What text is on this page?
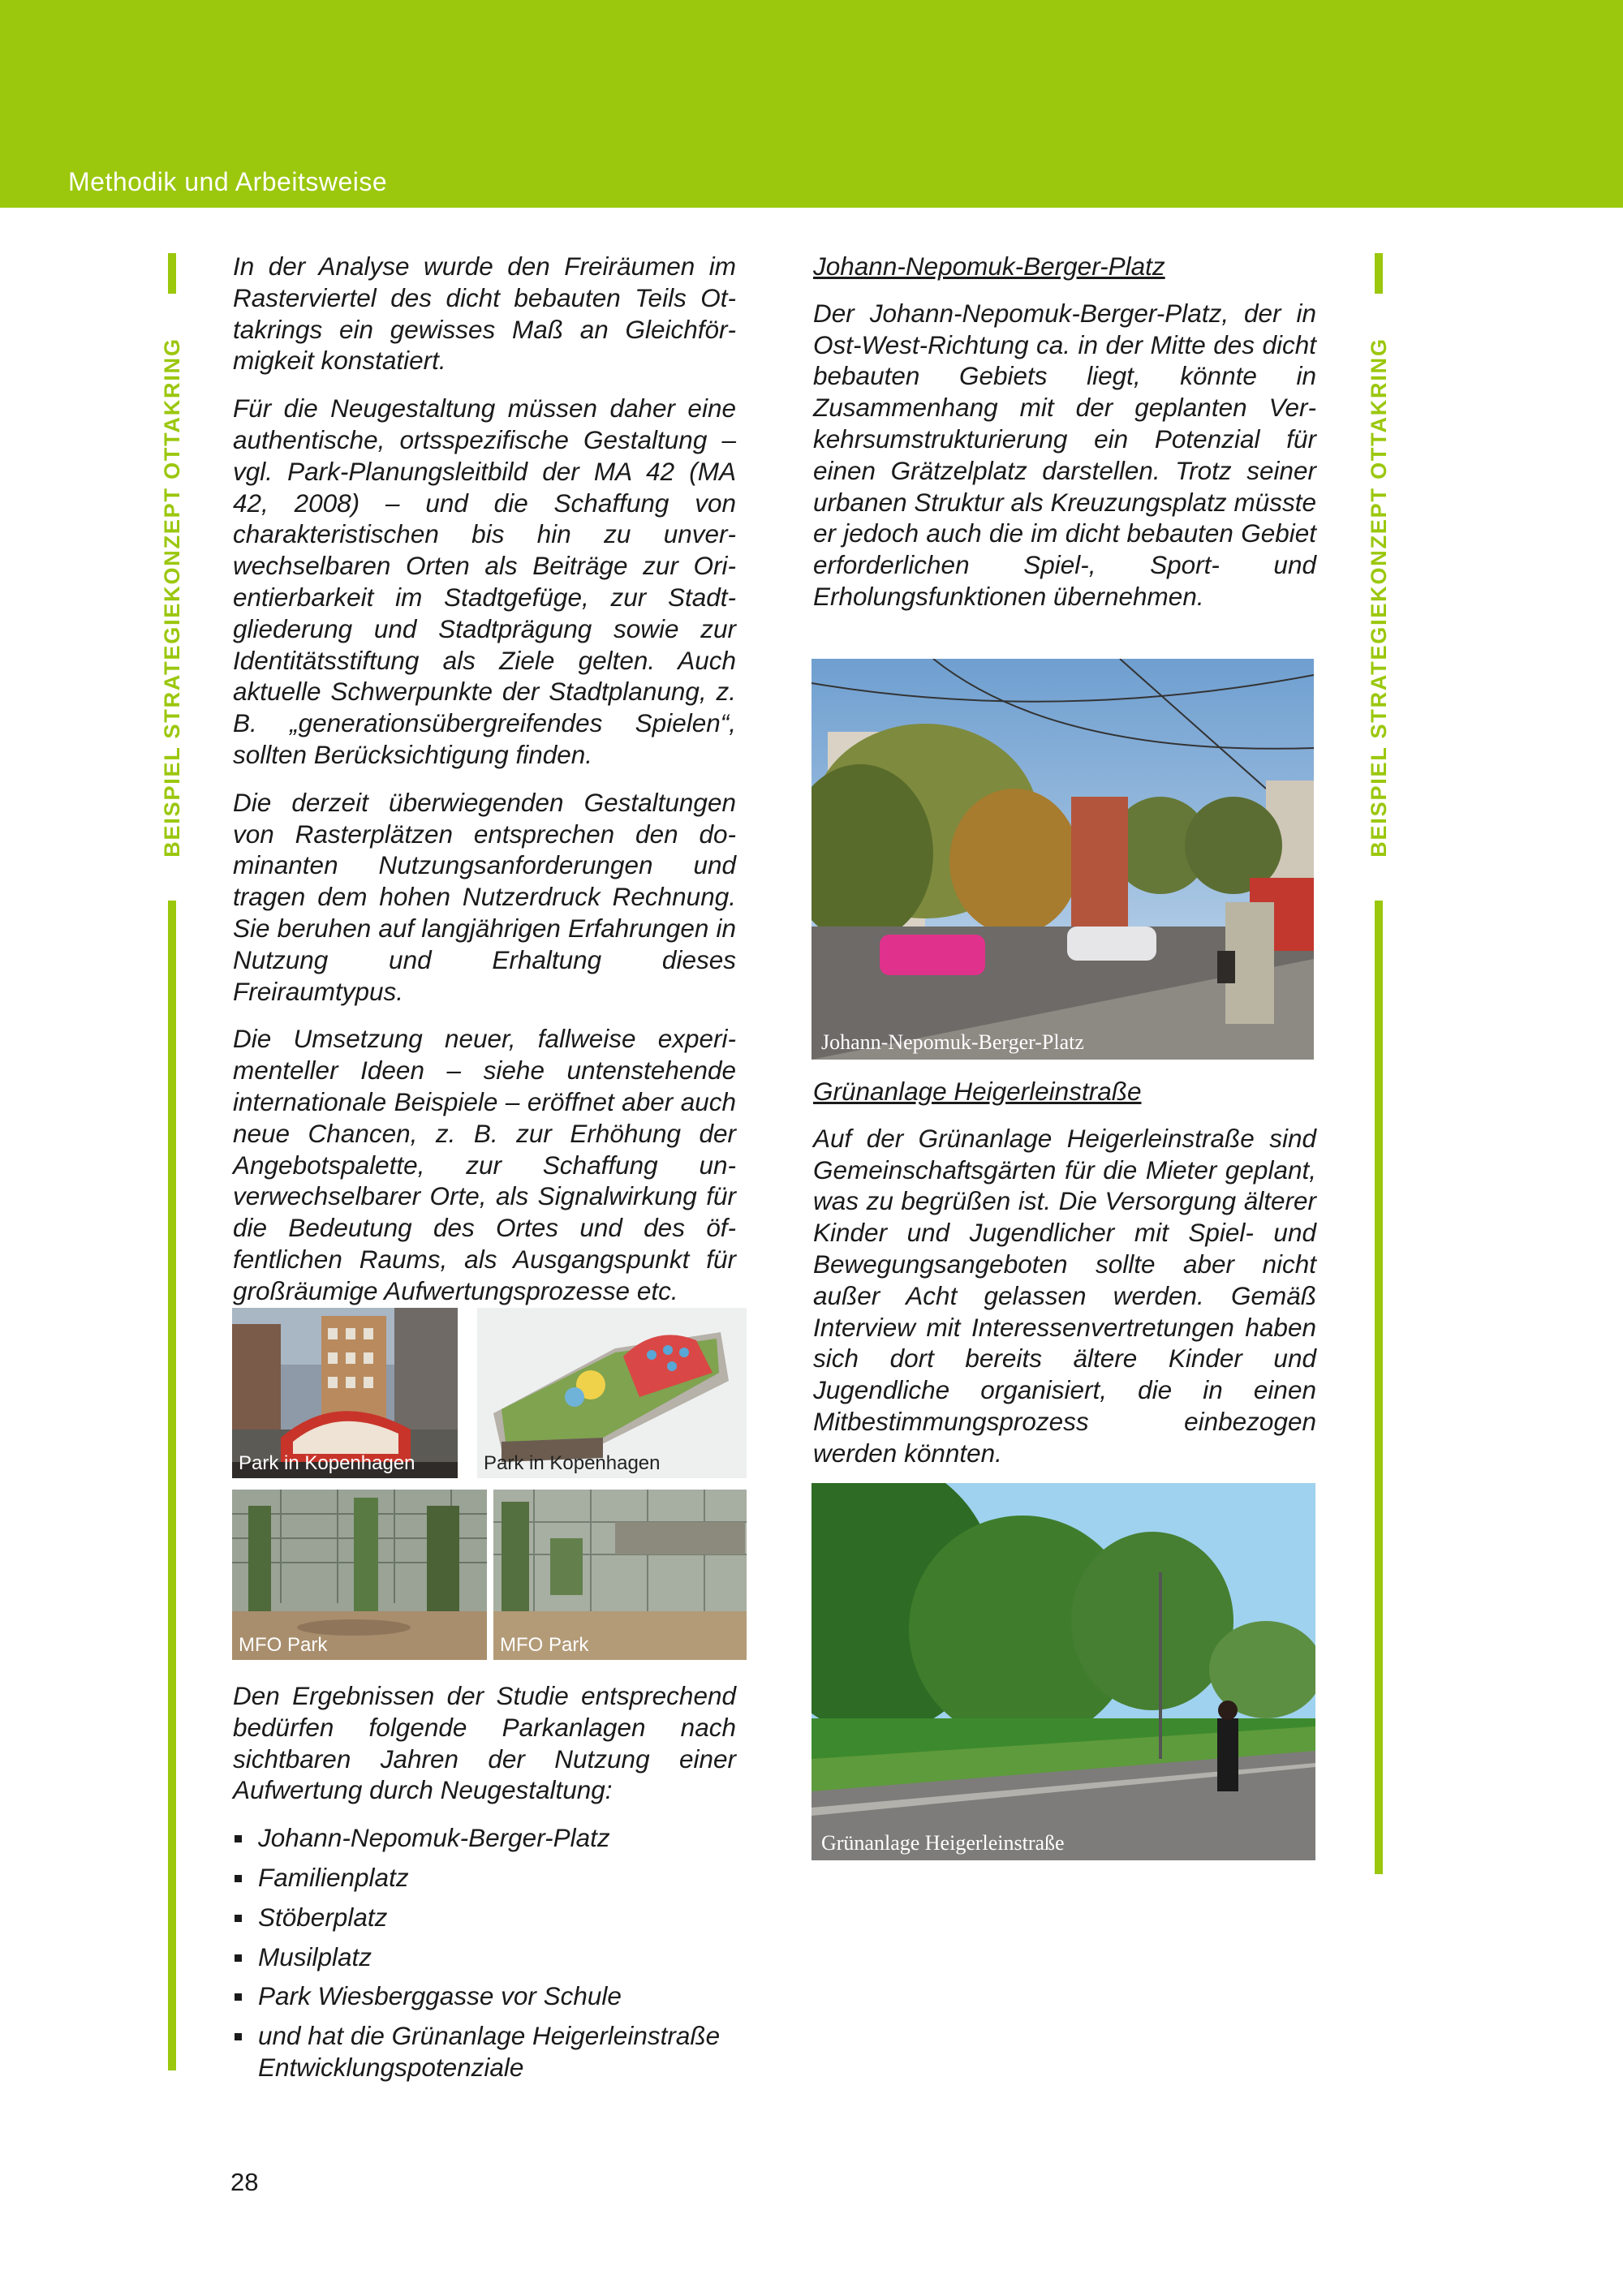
Methodik und Arbeitsweise
BEISPIEL STRATEGIEKONZEPT OTTAKRING	BEISPIEL STRATEGIEKONZEPT OTTAKRING

In der Analyse wurde den Freiräumen im Rasterviertel des dicht bebauten Teils Ottakrings ein gewisses Maß an Gleichförmigkeit konstatiert.

Für die Neugestaltung müssen daher eine authentische, ortsspezifische Gestaltung – vgl. Park-Planungsleitbild der MA 42 (MA 42, 2008) – und die Schaffung von charakteristischen bis hin zu unverwechselbaren Orten als Beiträge zur Orientierbarkeit im Stadtgefüge, zur Stadtgliederung und Stadtprägung sowie zur Identitätsstiftung als Ziele gelten. Auch aktuelle Schwerpunkte der Stadtplanung, z. B. „generationsübergreifendes Spielen“, sollten Berücksichtigung finden.

Die derzeit überwiegenden Gestaltungen von Rasterplätzen entsprechen den dominanten Nutzungsanforderungen und tragen dem hohen Nutzerdruck Rechnung. Sie beruhen auf langjährigen Erfahrungen in Nutzung und Erhaltung dieses Freiraumtypus.

Die Umsetzung neuer, fallweise experimenteller Ideen – siehe untenstehende internationale Beispiele – eröffnet aber auch neue Chancen, z. B. zur Erhöhung der Angebotspalette, zur Schaffung unverwechselbarer Orte, als Signalwirkung für die Bedeutung des Ortes und des öffentlichen Raums, als Ausgangspunkt für großräumige Aufwertungsprozesse etc.

Park in Kopenhagen	Park in Kopenhagen
MFO Park	MFO Park

Den Ergebnissen der Studie entsprechend bedürfen folgende Parkanlagen nach sichtbaren Jahren der Nutzung einer Aufwertung durch Neugestaltung:

Johann-Nepomuk-Berger-Platz
Familienplatz
Stöberplatz
Musilplatz
Park Wiesberggasse vor Schule
und hat die Grünanlage Heigerleinstraße Entwicklungspotenziale
Johann-Nepomuk-Berger-Platz

Der Johann-Nepomuk-Berger-Platz, der in Ost-West-Richtung ca. in der Mitte des dicht bebauten Gebiets liegt, könnte in Zusammenhang mit der geplanten Verkehrsumstrukturierung ein Potenzial für einen Grätzelplatz darstellen. Trotz seiner urbanen Struktur als Kreuzungsplatz müsste er jedoch auch die im dicht bebauten Gebiet erforderlichen Spiel-, Sport- und Erholungsfunktionen übernehmen.

Johann-Nepomuk-Berger-Platz
Grünanlage Heigerleinstraße

Auf der Grünanlage Heigerleinstraße sind Gemeinschaftsgärten für die Mieter geplant, was zu begrüßen ist. Die Versorgung älterer Kinder und Jugendlicher mit Spiel- und Bewegungsangeboten sollte aber nicht außer Acht gelassen werden. Gemäß Interview mit Interessenvertretungen haben sich dort bereits ältere Kinder und Jugendliche organisiert, die in einen Mitbestimmungsprozess einbezogen werden könnten.

Grünanlage Heigerleinstraße
28
